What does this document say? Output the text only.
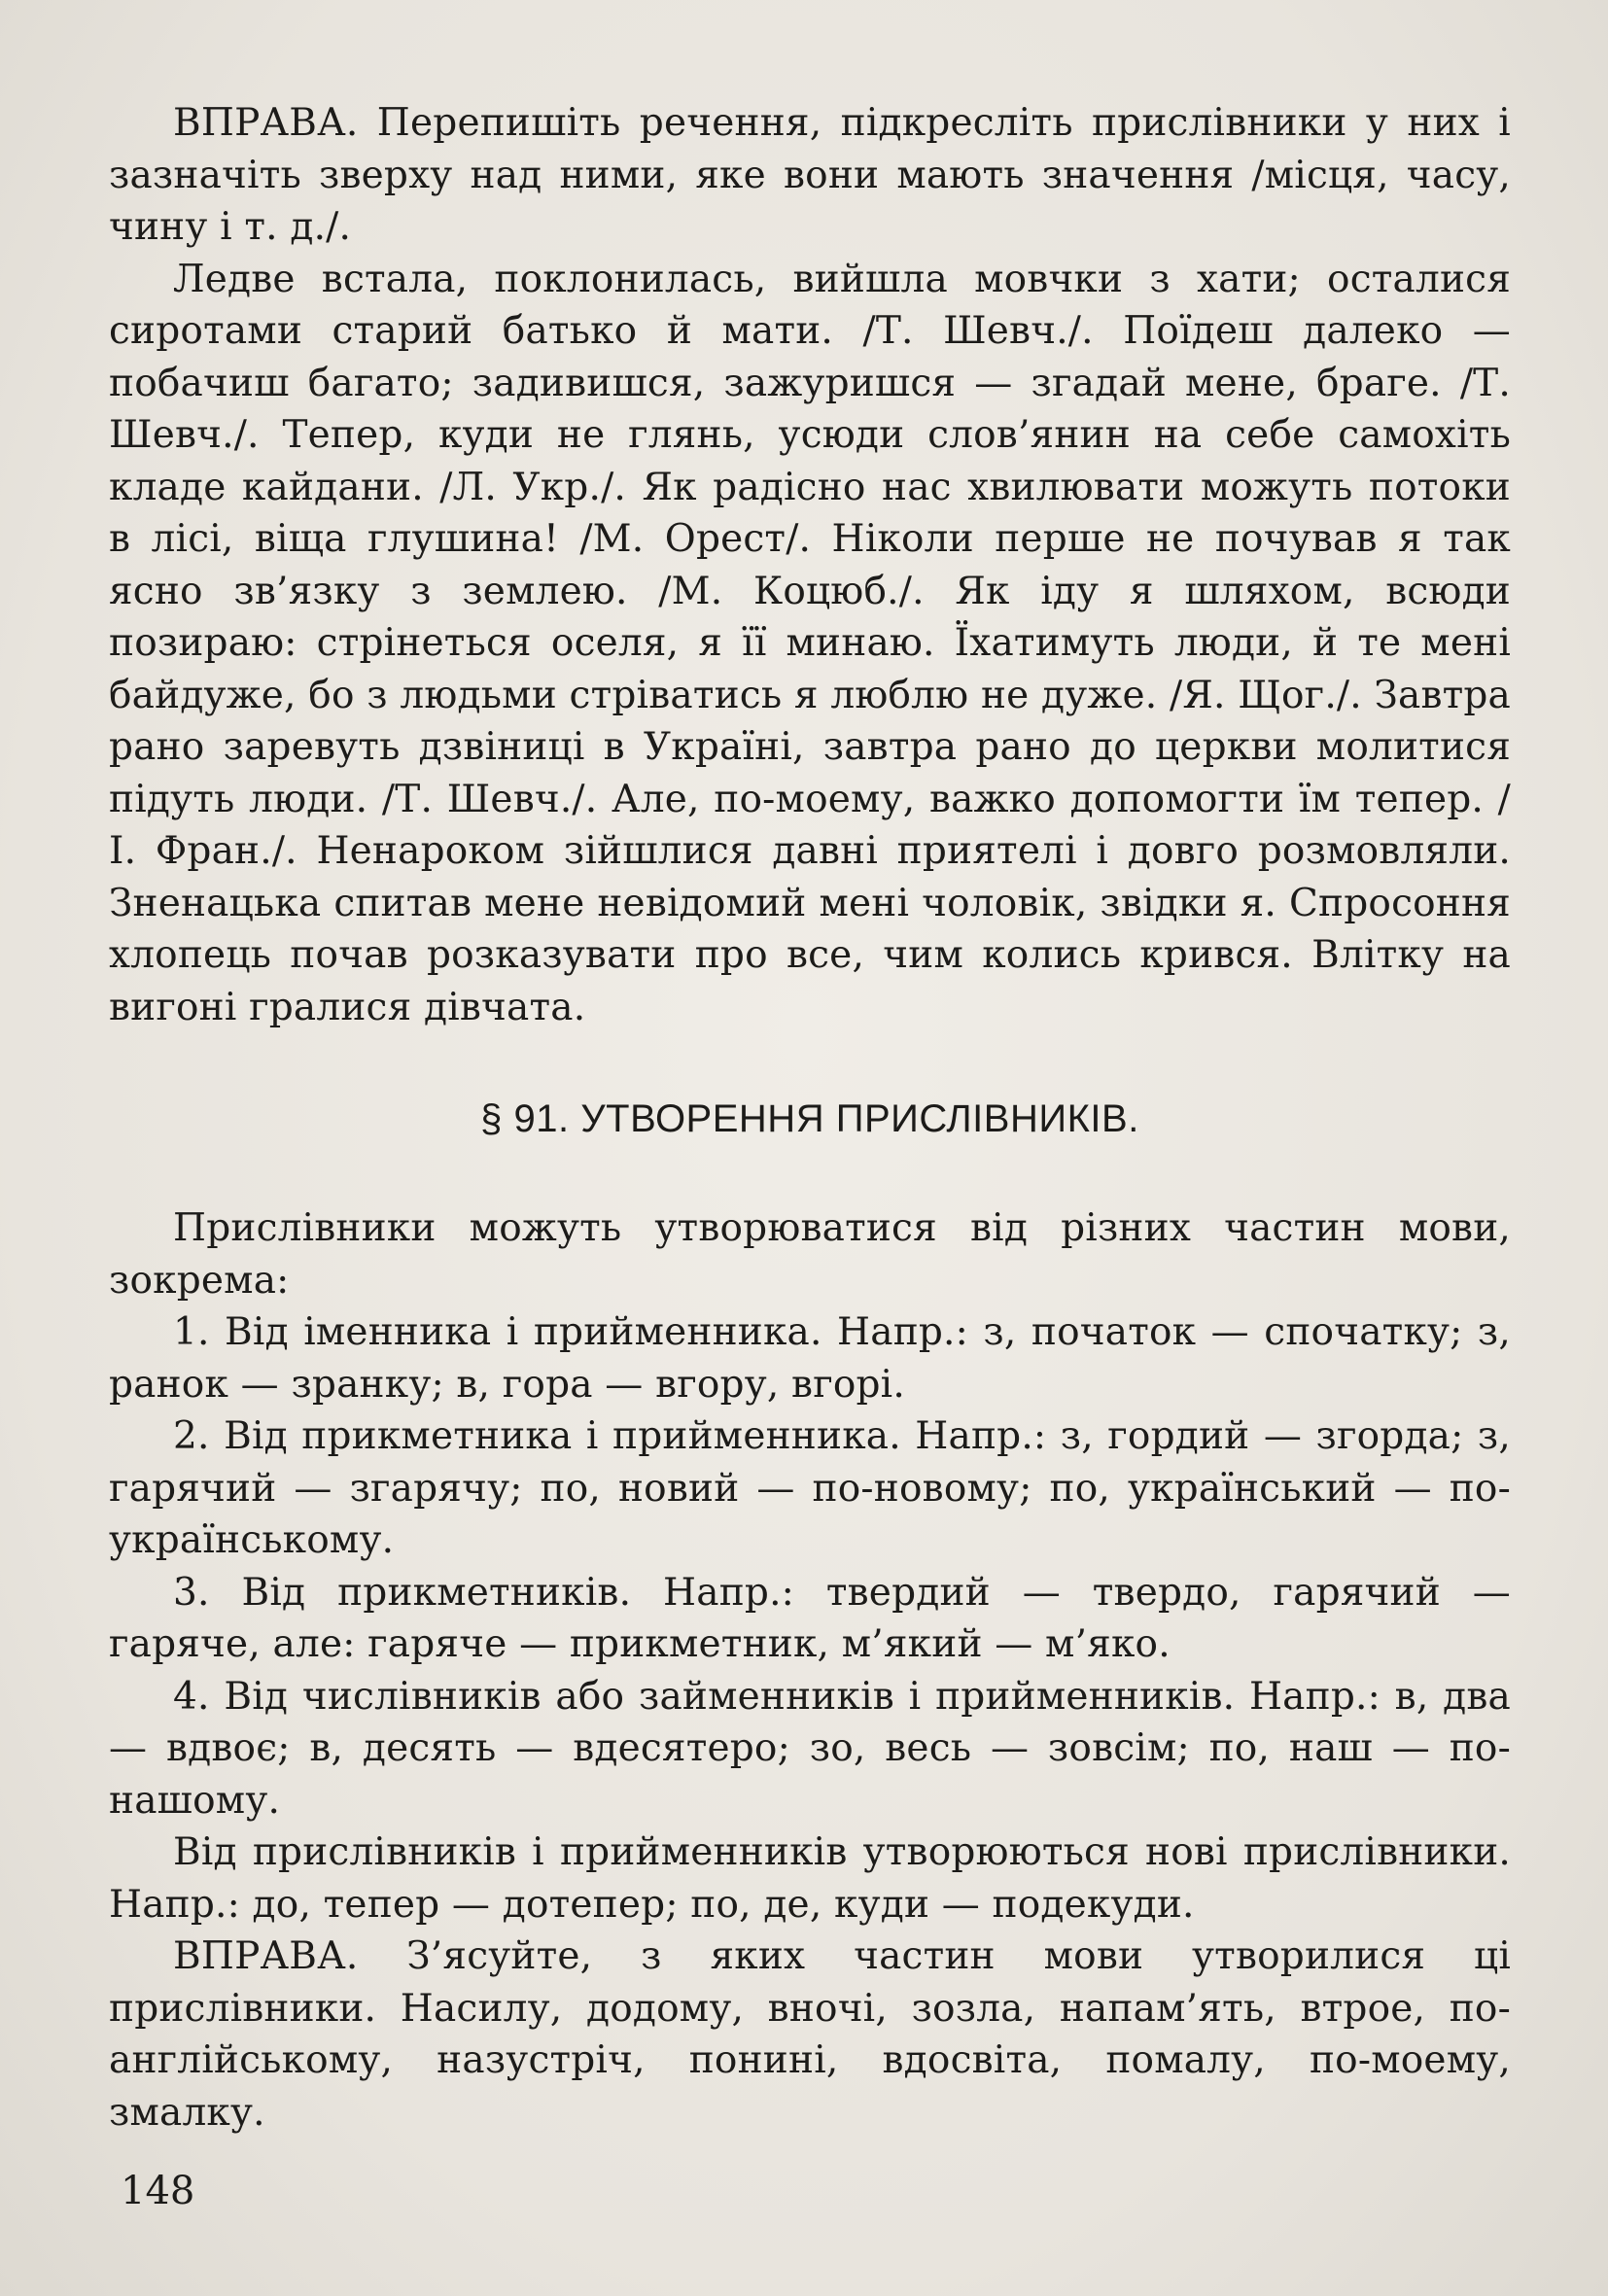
ВПРАВА. Перепишіть речення, підкресліть прислівники у них і зазначіть зверху над ними, яке вони мають значення /місця, часу, чину і т. д./.

Ледве встала, поклонилась, вийшла мовчки з хати; осталися сиротами старий батько й мати. /Т. Шевч./. Поїдеш далеко — побачиш багато; задивишся, зажуришся — згадай мене, браге. /Т. Шевч./. Тепер, куди не глянь, усюди слов’янин на себе самохіть кладе кайдани. /Л. Укр./. Як радісно нас хвилювати можуть потоки в лісі, віща глушина! /М. Орест/. Ніколи перше не почував я так ясно зв’язку з землею. /М. Коцюб./. Як іду я шляхом, всюди позираю: стрінеться оселя, я її минаю. Їхатимуть люди, й те мені байдуже, бо з людьми стріватись я люблю не дуже. /Я. Щог./. Завтра рано заревуть дзвіниці в Україні, завтра рано до церкви молитися підуть люди. /Т. Шевч./. Але, по-моему, важко допомогти їм тепер. /І. Фран./. Ненароком зійшлися давні приятелі і довго розмовляли. Зненацька спитав мене невідомий мені чоловік, звідки я. Спросоння хлопець почав розказувати про все, чим колись крився. Влітку на вигоні гралися дівчата.

§ 91. УТВОРЕННЯ ПРИСЛІВНИКІВ.

Прислівники можуть утворюватися від різних частин мови, зокрема:

1. Від іменника і прийменника. Напр.: з, початок — спочатку; з, ранок — зранку; в, гора — вгору, вгорі.

2. Від прикметника і прийменника. Напр.: з, гордий — згорда; з, гарячий — згарячу; по, новий — по-новому; по, український — по-українському.

3. Від прикметників. Напр.: твердий — твердо, гарячий — гаряче, але: гаряче — прикметник, м’який — м’яко.

4. Від числівників або займенників і прийменників. Напр.: в, два — вдвоє; в, десять — вдесятеро; зо, весь — зовсім; по, наш — по-нашому.

Від прислівників і прийменників утворюються нові прислівники. Напр.: до, тепер — дотепер; по, де, куди — подекуди.

ВПРАВА. З’ясуйте, з яких частин мови утворилися ці прислівники. Насилу, додому, вночі, зозла, напам’ять, втрое, по-англійському, назустріч, понині, вдосвіта, помалу, по-моему, змалку.

148
